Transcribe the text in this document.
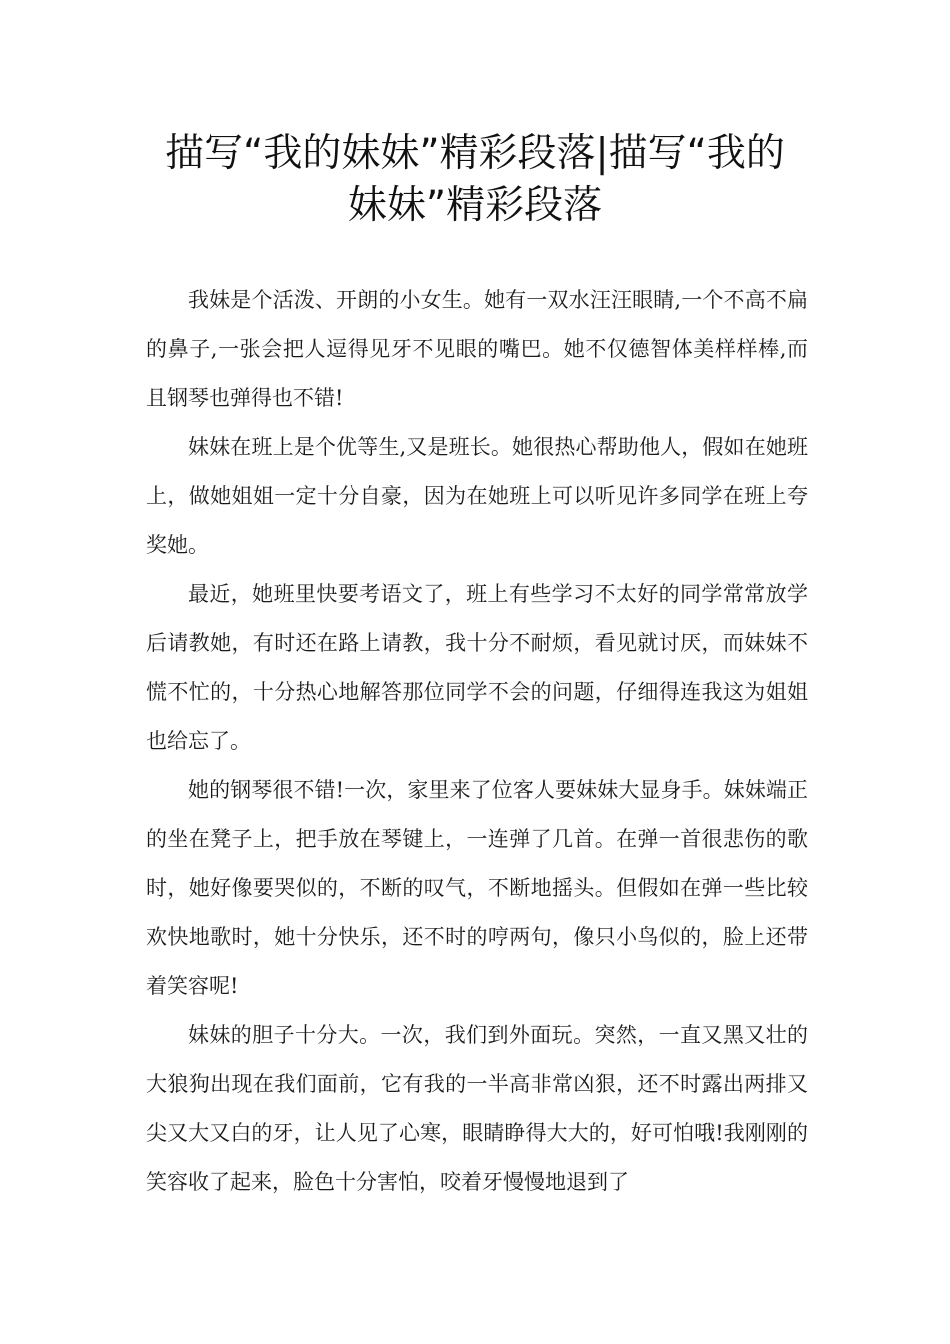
描写“我的妹妹”精彩段落|描写“我的妹妹”精彩段落

我妹是个活泼、开朗的小女生。她有一双水汪汪眼睛,一个不高不扁的鼻子,一张会把人逗得见牙不见眼的嘴巴。她不仅德智体美样样棒,而且钢琴也弹得也不错!

妹妹在班上是个优等生,又是班长。她很热心帮助他人，假如在她班上，做她姐姐一定十分自豪，因为在她班上可以听见许多同学在班上夸奖她。

最近，她班里快要考语文了，班上有些学习不太好的同学常常放学后请教她，有时还在路上请教，我十分不耐烦，看见就讨厌，而妹妹不慌不忙的，十分热心地解答那位同学不会的问题，仔细得连我这为姐姐也给忘了。

她的钢琴很不错!一次，家里来了位客人要妹妹大显身手。妹妹端正的坐在凳子上，把手放在琴键上，一连弹了几首。在弹一首很悲伤的歌时，她好像要哭似的，不断的叹气，不断地摇头。但假如在弹一些比较欢快地歌时，她十分快乐，还不时的哼两句，像只小鸟似的，脸上还带着笑容呢!

妹妹的胆子十分大。一次，我们到外面玩。突然，一直又黑又壮的大狼狗出现在我们面前，它有我的一半高非常凶狠，还不时露出两排又尖又大又白的牙，让人见了心寒，眼睛睁得大大的，好可怕哦!我刚刚的笑容收了起来，脸色十分害怕，咬着牙慢慢地退到了
